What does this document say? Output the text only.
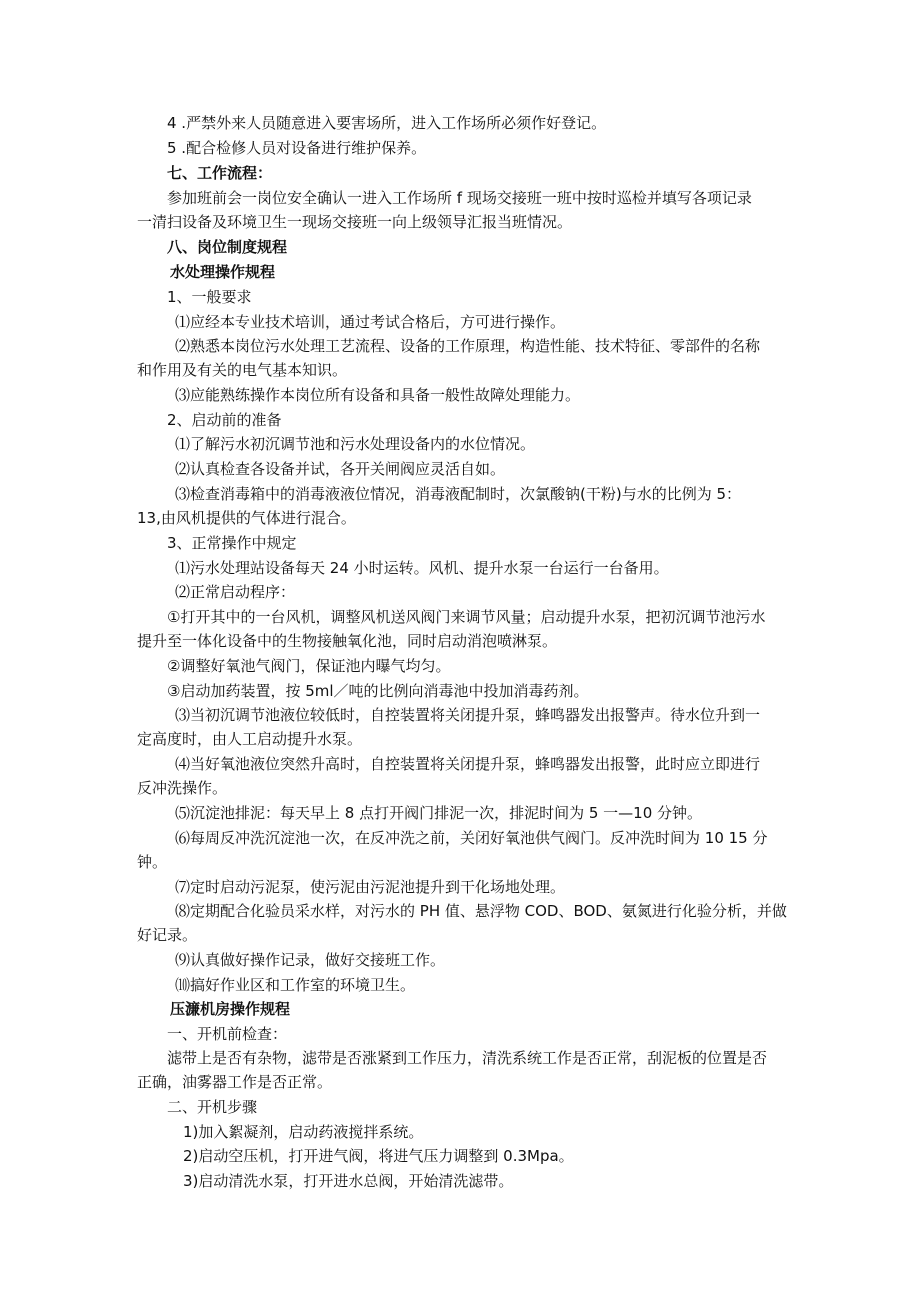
4 .严禁外来人员随意进入要害场所，进入工作场所必须作好登记。

5 .配合检修人员对设备进行维护保养。

七、工作流程：

参加班前会一岗位安全确认一进入工作场所 f 现场交接班一班中按时巡检并填写各项记录

一清扫设备及环境卫生一现场交接班一向上级领导汇报当班情况。

八、岗位制度规程

水处理操作规程

1、一般要求

⑴应经本专业技术培训，通过考试合格后，方可进行操作。

⑵熟悉本岗位污水处理工艺流程、设备的工作原理，构造性能、技术特征、零部件的名称

和作用及有关的电气基本知识。

⑶应能熟练操作本岗位所有设备和具备一般性故障处理能力。

2、启动前的准备

⑴了解污水初沉调节池和污水处理设备内的水位情况。

⑵认真检查各设备并试，各开关闸阀应灵活自如。

⑶检查消毒箱中的消毒液液位情况，消毒液配制时，次氯酸钠(干粉)与水的比例为 5：

13,由风机提供的气体进行混合。

3、正常操作中规定

⑴污水处理站设备每天 24 小时运转。风机、提升水泵一台运行一台备用。

⑵正常启动程序：

①打开其中的一台风机，调整风机送风阀门来调节风量；启动提升水泵，把初沉调节池污水

提升至一体化设备中的生物接触氧化池，同时启动消泡喷淋泵。

②调整好氧池气阀门，保证池内曝气均匀。

③启动加药装置，按 5ml／吨的比例向消毒池中投加消毒药剂。

⑶当初沉调节池液位较低时，自控装置将关闭提升泵，蜂鸣器发出报警声。待水位升到一

定高度时，由人工启动提升水泵。

⑷当好氧池液位突然升高时，自控装置将关闭提升泵，蜂鸣器发出报警，此时应立即进行

反冲洗操作。

⑸沉淀池排泥：每天早上 8 点打开阀门排泥一次，排泥时间为 5 一—10 分钟。

⑹每周反冲洗沉淀池一次，在反冲洗之前，关闭好氧池供气阀门。反冲洗时间为 10 15 分

钟。

⑺定时启动污泥泵，使污泥由污泥池提升到干化场地处理。

⑻定期配合化验员采水样，对污水的 PH 值、悬浮物 COD、BOD、氨氮进行化验分析，并做

好记录。

⑼认真做好操作记录，做好交接班工作。

⑽搞好作业区和工作室的环境卫生。

压濂机房操作规程

一、开机前检查：

滤带上是否有杂物，滤带是否涨紧到工作压力，清洗系统工作是否正常，刮泥板的位置是否

正确，油雾器工作是否正常。

二、开机步骤

1)加入絮凝剂，启动药液搅拌系统。

2)启动空压机，打开进气阀，将进气压力调整到 0.3Mpa。

3)启动清洗水泵，打开进水总阀，开始清洗滤带。
